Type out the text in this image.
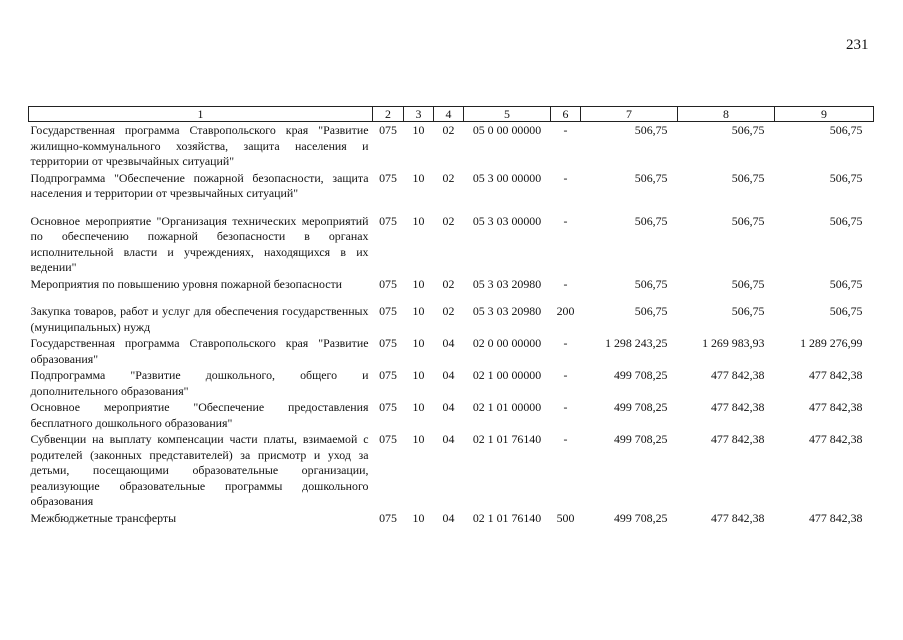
231
1	2	3	4	5	6	7	8	9
Государственная программа Ставропольского края "Развитие жилищно-коммунального хозяйства, защита населения и территории от чрезвычайных ситуаций"	075	10	02	05 0 00 00000	-	506,75	506,75	506,75
Подпрограмма "Обеспечение пожарной безопасности, защита населения и территории от чрезвычайных ситуаций"	075	10	02	05 3 00 00000	-	506,75	506,75	506,75

Основное мероприятие "Организация технических мероприятий по обеспечению пожарной безопасности в органах исполнительной власти и учреждениях, находящихся в их ведении"	075	10	02	05 3 03 00000	-	506,75	506,75	506,75
Мероприятия по повышению уровня пожарной безопасности	075	10	02	05 3 03 20980	-	506,75	506,75	506,75

Закупка товаров, работ и услуг для обеспечения государственных (муниципальных) нужд	075	10	02	05 3 03 20980	200	506,75	506,75	506,75
Государственная программа Ставропольского края "Развитие образования"	075	10	04	02 0 00 00000	-	1 298 243,25	1 269 983,93	1 289 276,99
Подпрограмма "Развитие дошкольного, общего и дополнительного образования"	075	10	04	02 1 00 00000	-	499 708,25	477 842,38	477 842,38
Основное мероприятие "Обеспечение предоставления бесплатного дошкольного образования"	075	10	04	02 1 01 00000	-	499 708,25	477 842,38	477 842,38
Субвенции на выплату компенсации части платы, взимаемой с родителей (законных представителей) за присмотр и уход за детьми, посещающими образовательные организации, реализующие образовательные программы дошкольного образования	075	10	04	02 1 01 76140	-	499 708,25	477 842,38	477 842,38
Межбюджетные трансферты	075	10	04	02 1 01 76140	500	499 708,25	477 842,38	477 842,38
